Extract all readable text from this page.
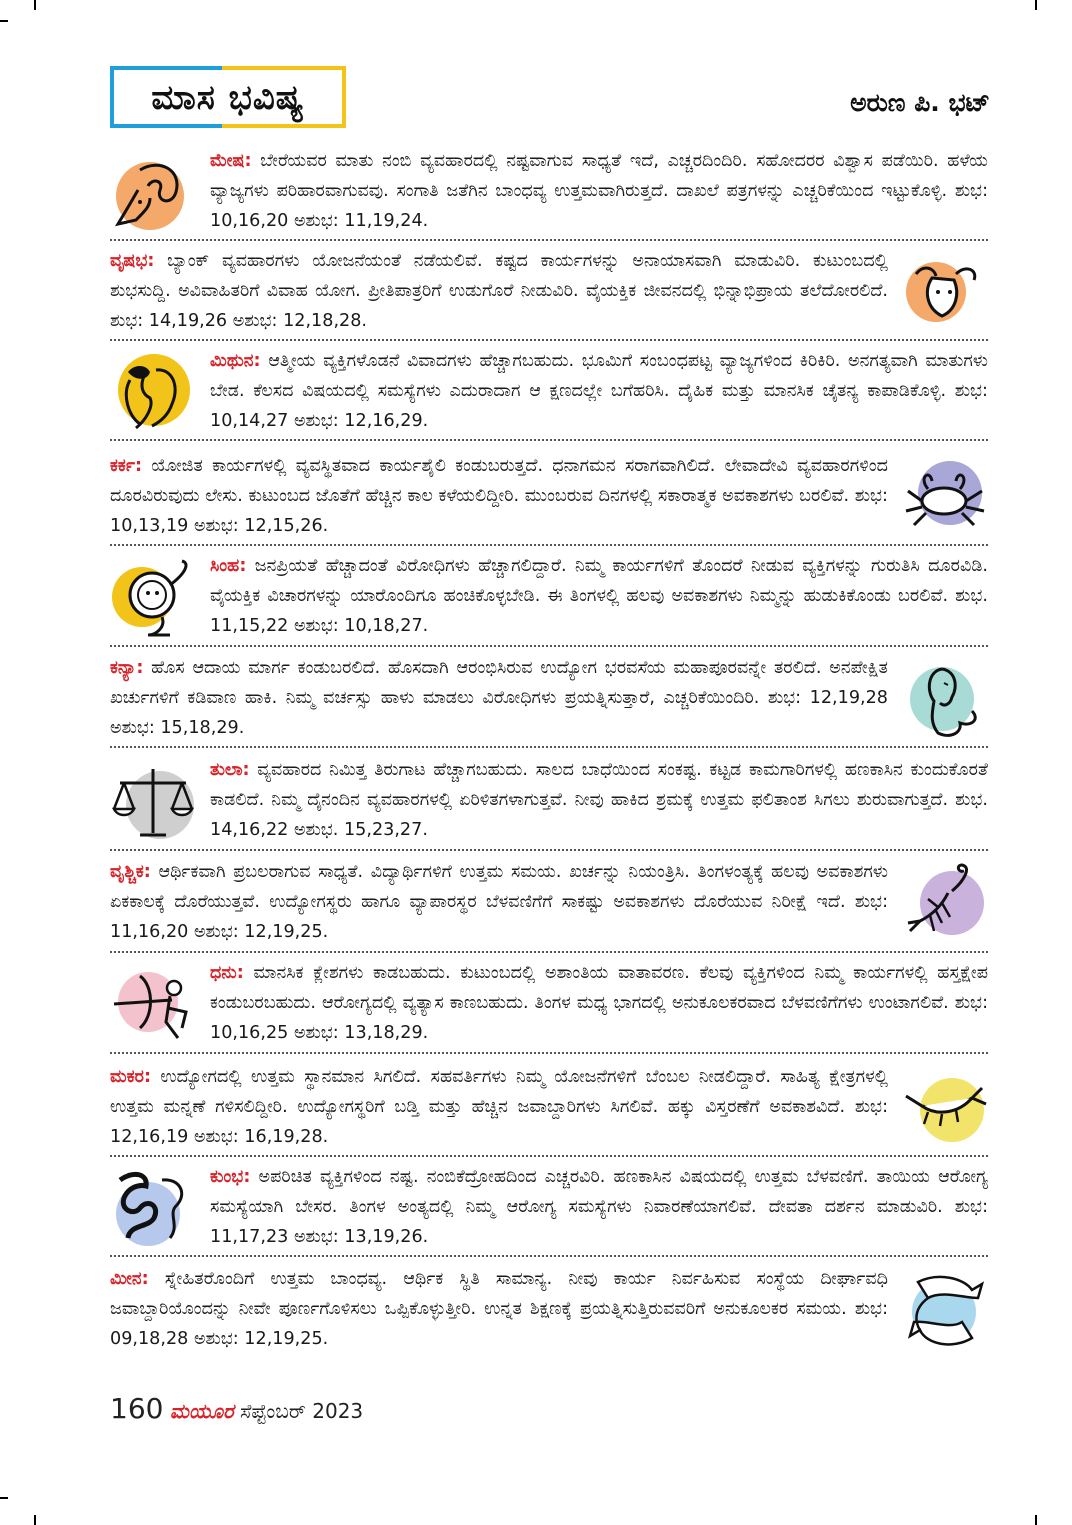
ಮಾಸ ಭವಿಷ್ಯ	ಅರುಣ ಪಿ. ಭಟ್
ಮೇಷ: ಬೇರೆಯವರ ಮಾತು ನಂಬಿ ವ್ಯವಹಾರದಲ್ಲಿ ನಷ್ಟವಾಗುವ ಸಾಧ್ಯತೆ ಇದೆ, ಎಚ್ಚರದಿಂದಿರಿ. ಸಹೋದರರ ವಿಶ್ವಾಸ ಪಡೆಯಿರಿ. ಹಳೆಯ ವ್ಯಾಜ್ಯಗಳು ಪರಿಹಾರವಾಗುವವು. ಸಂಗಾತಿ ಜತೆಗಿನ ಬಾಂಧವ್ಯ ಉತ್ತಮವಾಗಿರುತ್ತದೆ. ದಾಖಲೆ ಪತ್ರಗಳನ್ನು ಎಚ್ಚರಿಕೆಯಿಂದ ಇಟ್ಟುಕೊಳ್ಳಿ. ಶುಭ: 10,16,20 ಅಶುಭ: 11,19,24.
ವೃಷಭ: ಬ್ಯಾಂಕ್ ವ್ಯವಹಾರಗಳು ಯೋಜನೆಯಂತೆ ನಡೆಯಲಿವೆ. ಕಷ್ಟದ ಕಾರ್ಯಗಳನ್ನು ಅನಾಯಾಸವಾಗಿ ಮಾಡುವಿರಿ. ಕುಟುಂಬದಲ್ಲಿ ಶುಭಸುದ್ದಿ. ಅವಿವಾಹಿತರಿಗೆ ವಿವಾಹ ಯೋಗ. ಪ್ರೀತಿಪಾತ್ರರಿಗೆ ಉಡುಗೊರೆ ನೀಡುವಿರಿ. ವೈಯಕ್ತಿಕ ಜೀವನದಲ್ಲಿ ಭಿನ್ನಾಭಿಪ್ರಾಯ ತಲೆದೋರಲಿದೆ. ಶುಭ: 14,19,26 ಅಶುಭ: 12,18,28.
ಮಿಥುನ: ಆತ್ಮೀಯ ವ್ಯಕ್ತಿಗಳೊಡನೆ ವಿವಾದಗಳು ಹೆಚ್ಚಾಗಬಹುದು. ಭೂಮಿಗೆ ಸಂಬಂಧಪಟ್ಟ ವ್ಯಾಜ್ಯಗಳಿಂದ ಕಿರಿಕಿರಿ. ಅನಗತ್ಯವಾಗಿ ಮಾತುಗಳು ಬೇಡ. ಕೆಲಸದ ವಿಷಯದಲ್ಲಿ ಸಮಸ್ಯೆಗಳು ಎದುರಾದಾಗ ಆ ಕ್ಷಣದಲ್ಲೇ ಬಗೆಹರಿಸಿ. ದೈಹಿಕ ಮತ್ತು ಮಾನಸಿಕ ಚೈತನ್ಯ ಕಾಪಾಡಿಕೊಳ್ಳಿ. ಶುಭ: 10,14,27 ಅಶುಭ: 12,16,29.
ಕರ್ಕ: ಯೋಜಿತ ಕಾರ್ಯಗಳಲ್ಲಿ ವ್ಯವಸ್ಥಿತವಾದ ಕಾರ್ಯಶೈಲಿ ಕಂಡುಬರುತ್ತದೆ. ಧನಾಗಮನ ಸರಾಗವಾಗಿಲಿದೆ. ಲೇವಾದೇವಿ ವ್ಯವಹಾರಗಳಿಂದ ದೂರವಿರುವುದು ಲೇಸು. ಕುಟುಂಬದ ಜೊತೆಗೆ ಹೆಚ್ಚಿನ ಕಾಲ ಕಳೆಯಲಿದ್ದೀರಿ. ಮುಂಬರುವ ದಿನಗಳಲ್ಲಿ ಸಕಾರಾತ್ಮಕ ಅವಕಾಶಗಳು ಬರಲಿವೆ. ಶುಭ: 10,13,19 ಅಶುಭ: 12,15,26.
ಸಿಂಹ: ಜನಪ್ರಿಯತೆ ಹೆಚ್ಚಾದಂತೆ ವಿರೋಧಿಗಳು ಹೆಚ್ಚಾಗಲಿದ್ದಾರೆ. ನಿಮ್ಮ ಕಾರ್ಯಗಳಿಗೆ ತೊಂದರೆ ನೀಡುವ ವ್ಯಕ್ತಿಗಳನ್ನು ಗುರುತಿಸಿ ದೂರವಿಡಿ. ವೈಯಕ್ತಿಕ ವಿಚಾರಗಳನ್ನು ಯಾರೊಂದಿಗೂ ಹಂಚಿಕೊಳ್ಳಬೇಡಿ. ಈ ತಿಂಗಳಲ್ಲಿ ಹಲವು ಅವಕಾಶಗಳು ನಿಮ್ಮನ್ನು ಹುಡುಕಿಕೊಂಡು ಬರಲಿವೆ. ಶುಭ. 11,15,22 ಅಶುಭ: 10,18,27.
ಕನ್ಯಾ: ಹೊಸ ಆದಾಯ ಮಾರ್ಗ ಕಂಡುಬರಲಿದೆ. ಹೊಸದಾಗಿ ಆರಂಭಿಸಿರುವ ಉದ್ಯೋಗ ಭರವಸೆಯ ಮಹಾಪೂರವನ್ನೇ ತರಲಿದೆ. ಅನಪೇಕ್ಷಿತ ಖರ್ಚುಗಳಿಗೆ ಕಡಿವಾಣ ಹಾಕಿ. ನಿಮ್ಮ ವರ್ಚಸ್ಸು ಹಾಳು ಮಾಡಲು ವಿರೋಧಿಗಳು ಪ್ರಯತ್ನಿಸುತ್ತಾರೆ, ಎಚ್ಚರಿಕೆಯಿಂದಿರಿ. ಶುಭ: 12,19,28 ಅಶುಭ: 15,18,29.
ತುಲಾ: ವ್ಯವಹಾರದ ನಿಮಿತ್ತ ತಿರುಗಾಟ ಹೆಚ್ಚಾಗಬಹುದು. ಸಾಲದ ಬಾಧೆಯಿಂದ ಸಂಕಷ್ಟ. ಕಟ್ಟಡ ಕಾಮಗಾರಿಗಳಲ್ಲಿ ಹಣಕಾಸಿನ ಕುಂದುಕೊರತೆ ಕಾಡಲಿದೆ. ನಿಮ್ಮ ದೈನಂದಿನ ವ್ಯವಹಾರಗಳಲ್ಲಿ ಏರಿಳಿತಗಳಾಗುತ್ತವೆ. ನೀವು ಹಾಕಿದ ಶ್ರಮಕ್ಕೆ ಉತ್ತಮ ಫಲಿತಾಂಶ ಸಿಗಲು ಶುರುವಾಗುತ್ತದೆ. ಶುಭ. 14,16,22 ಅಶುಭ. 15,23,27.
ವೃಶ್ಚಿಕ: ಆರ್ಥಿಕವಾಗಿ ಪ್ರಬಲರಾಗುವ ಸಾಧ್ಯತೆ. ವಿದ್ಯಾರ್ಥಿಗಳಿಗೆ ಉತ್ತಮ ಸಮಯ. ಖರ್ಚನ್ನು ನಿಯಂತ್ರಿಸಿ. ತಿಂಗಳಂತ್ಯಕ್ಕೆ ಹಲವು ಅವಕಾಶಗಳು ಏಕಕಾಲಕ್ಕೆ ದೊರೆಯುತ್ತವೆ. ಉದ್ಯೋಗಸ್ಥರು ಹಾಗೂ ವ್ಯಾಪಾರಸ್ಥರ ಬೆಳವಣಿಗೆಗೆ ಸಾಕಷ್ಟು ಅವಕಾಶಗಳು ದೊರೆಯುವ ನಿರೀಕ್ಷೆ ಇದೆ. ಶುಭ: 11,16,20 ಅಶುಭ: 12,19,25.
ಧನು: ಮಾನಸಿಕ ಕ್ಲೇಶಗಳು ಕಾಡಬಹುದು. ಕುಟುಂಬದಲ್ಲಿ ಅಶಾಂತಿಯ ವಾತಾವರಣ. ಕೆಲವು ವ್ಯಕ್ತಿಗಳಿಂದ ನಿಮ್ಮ ಕಾರ್ಯಗಳಲ್ಲಿ ಹಸ್ತಕ್ಷೇಪ ಕಂಡುಬರಬಹುದು. ಆರೋಗ್ಯದಲ್ಲಿ ವ್ಯತ್ಯಾಸ ಕಾಣಬಹುದು. ತಿಂಗಳ ಮಧ್ಯ ಭಾಗದಲ್ಲಿ ಅನುಕೂಲಕರವಾದ ಬೆಳವಣಿಗೆಗಳು ಉಂಟಾಗಲಿವೆ. ಶುಭ: 10,16,25 ಅಶುಭ: 13,18,29.
ಮಕರ: ಉದ್ಯೋಗದಲ್ಲಿ ಉತ್ತಮ ಸ್ಥಾನಮಾನ ಸಿಗಲಿದೆ. ಸಹವರ್ತಿಗಳು ನಿಮ್ಮ ಯೋಜನೆಗಳಿಗೆ ಬೆಂಬಲ ನೀಡಲಿದ್ದಾರೆ. ಸಾಹಿತ್ಯ ಕ್ಷೇತ್ರಗಳಲ್ಲಿ ಉತ್ತಮ ಮನ್ನಣೆ ಗಳಿಸಲಿದ್ದೀರಿ. ಉದ್ಯೋಗಸ್ಥರಿಗೆ ಬಡ್ತಿ ಮತ್ತು ಹೆಚ್ಚಿನ ಜವಾಬ್ದಾರಿಗಳು ಸಿಗಲಿವೆ. ಹಕ್ಕು ವಿಸ್ತರಣೆಗೆ ಅವಕಾಶವಿದೆ. ಶುಭ: 12,16,19 ಅಶುಭ: 16,19,28.
ಕುಂಭ: ಅಪರಿಚಿತ ವ್ಯಕ್ತಿಗಳಿಂದ ನಷ್ಟ. ನಂಬಿಕೆದ್ರೋಹದಿಂದ ಎಚ್ಚರವಿರಿ. ಹಣಕಾಸಿನ ವಿಷಯದಲ್ಲಿ ಉತ್ತಮ ಬೆಳವಣಿಗೆ. ತಾಯಿಯ ಆರೋಗ್ಯ ಸಮಸ್ಯೆಯಾಗಿ ಬೇಸರ. ತಿಂಗಳ ಅಂತ್ಯದಲ್ಲಿ ನಿಮ್ಮ ಆರೋಗ್ಯ ಸಮಸ್ಯೆಗಳು ನಿವಾರಣೆಯಾಗಲಿವೆ. ದೇವತಾ ದರ್ಶನ ಮಾಡುವಿರಿ. ಶುಭ: 11,17,23 ಅಶುಭ: 13,19,26.
ಮೀನ: ಸ್ನೇಹಿತರೊಂದಿಗೆ ಉತ್ತಮ ಬಾಂಧವ್ಯ. ಆರ್ಥಿಕ ಸ್ಥಿತಿ ಸಾಮಾನ್ಯ. ನೀವು ಕಾರ್ಯ ನಿರ್ವಹಿಸುವ ಸಂಸ್ಥೆಯ ದೀರ್ಘಾವಧಿ ಜವಾಬ್ದಾರಿಯೊಂದನ್ನು ನೀವೇ ಪೂರ್ಣಗೊಳಿಸಲು ಒಪ್ಪಿಕೊಳ್ಳುತ್ತೀರಿ. ಉನ್ನತ ಶಿಕ್ಷಣಕ್ಕೆ ಪ್ರಯತ್ನಿಸುತ್ತಿರುವವರಿಗೆ ಅನುಕೂಲಕರ ಸಮಯ. ಶುಭ: 09,18,28 ಅಶುಭ: 12,19,25.
160 ಮಯೂರ ಸೆಪ್ಟೆಂಬರ್ 2023
